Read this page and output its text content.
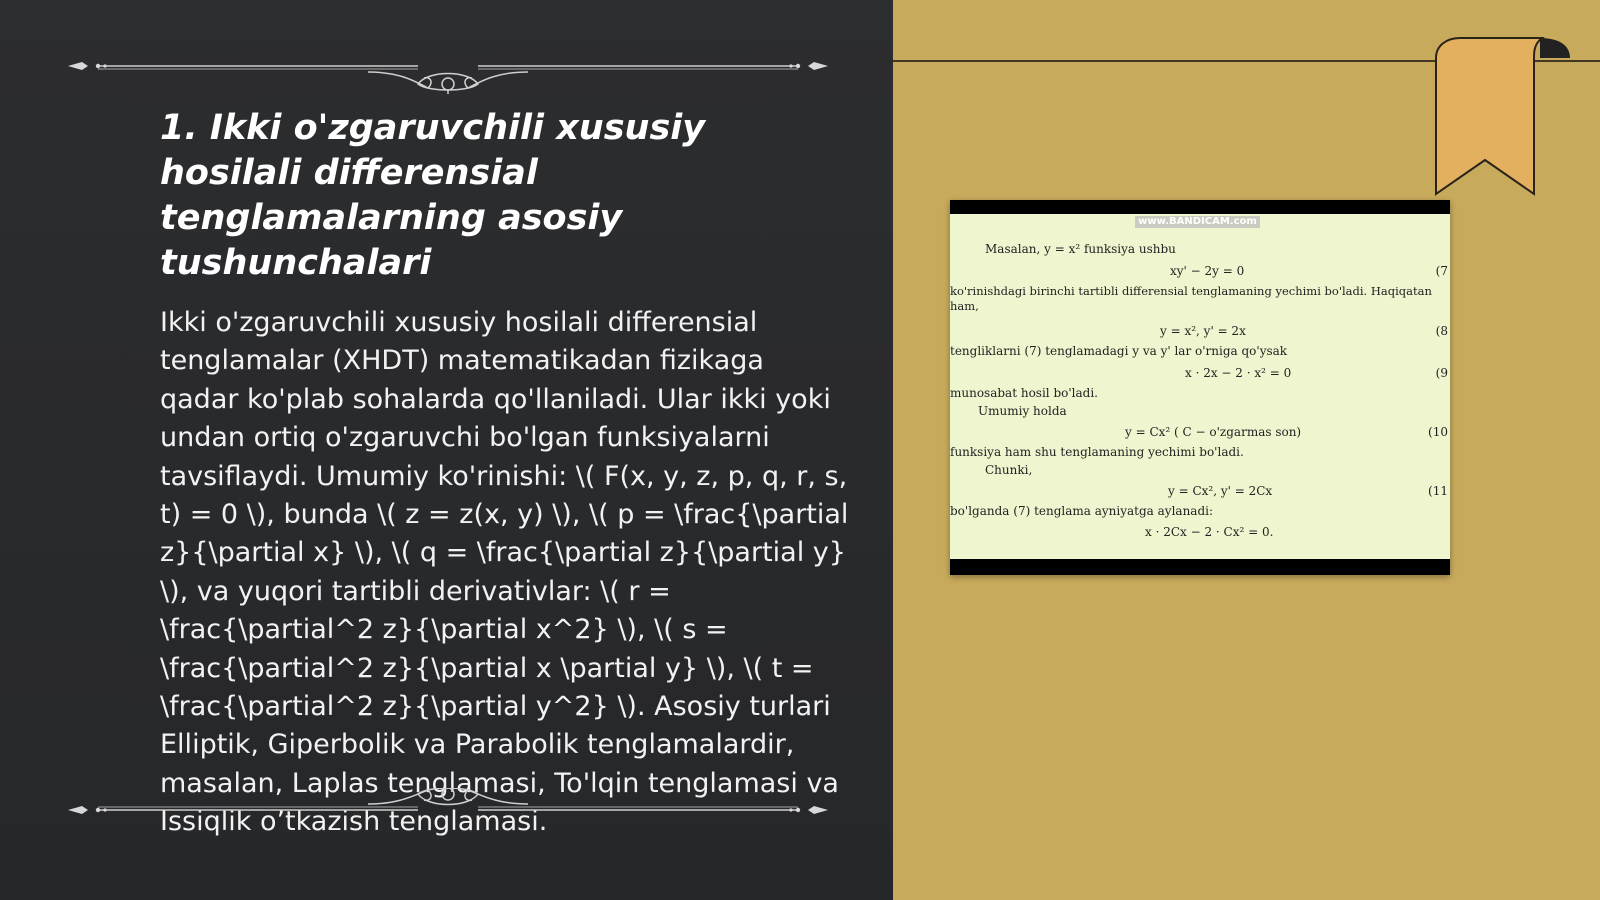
1. Ikki o'zgaruvchili xususiy hosilali differensial tenglamalarning asosiy tushunchalari

Ikki o'zgaruvchili xususiy hosilali differensial tenglamalar (XHDT) matematikadan fizikaga qadar ko'plab sohalarda qo'llaniladi. Ular ikki yoki undan ortiq o'zgaruvchi bo'lgan funksiyalarni tavsiflaydi. Umumiy ko'rinishi: \( F(x, y, z, p, q, r, s, t) = 0 \), bunda \( z = z(x, y) \), \( p = \frac{\partial z}{\partial x} \), \( q = \frac{\partial z}{\partial y} \), va yuqori tartibli derivativlar: \( r = \frac{\partial^2 z}{\partial x^2} \), \( s = \frac{\partial^2 z}{\partial x \partial y} \), \( t = \frac{\partial^2 z}{\partial y^2} \). Asosiy turlari Elliptik, Giperbolik va Parabolik tenglamalardir, masalan, Laplas tenglamasi, To'lqin tenglamasi va Issiqlik o’tkazish tenglamasi.

www.BANDICAM.com
Masalan, y = x² funksiya ushbu
xy' − 2y = 0	(7
ko'rinishdagi birinchi tartibli differensial tenglamaning yechimi bo'ladi. Haqiqatan ham,
y = x², y' = 2x	(8
tengliklarni (7) tenglamadagi y va y' lar o'rniga qo'ysak
x · 2x − 2 · x² = 0	(9
munosabat hosil bo'ladi.
Umumiy holda
y = Cx² ( C − o'zgarmas son)	(10
funksiya ham shu tenglamaning yechimi bo'ladi.
Chunki,
y = Cx², y' = 2Cx	(11
bo'lganda (7) tenglama ayniyatga aylanadi:
x · 2Cx − 2 · Cx² = 0.
